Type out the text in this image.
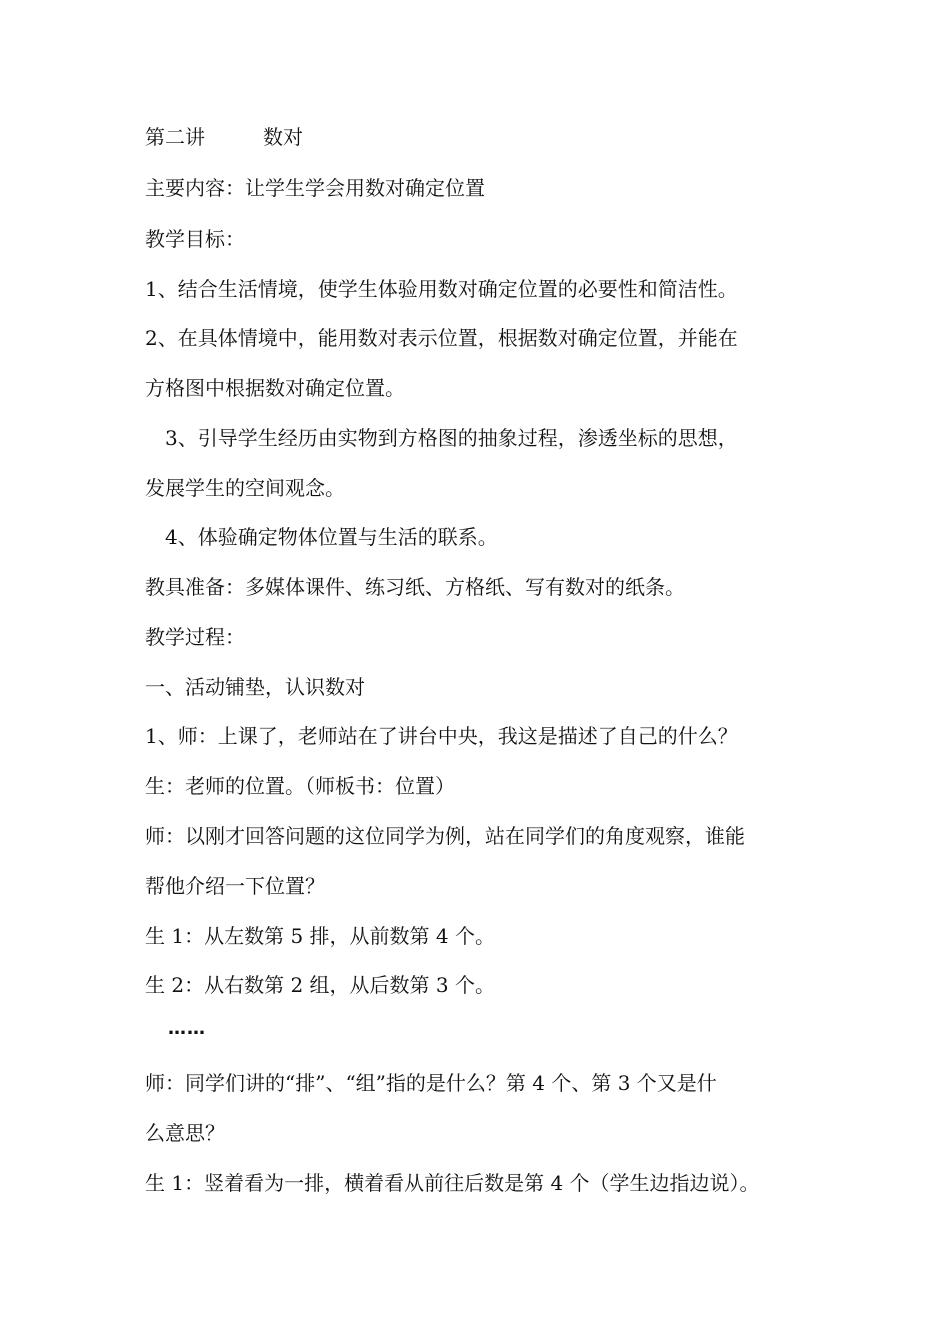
第二讲	数对
主要内容：让学生学会用数对确定位置
教学目标：
1、结合生活情境，使学生体验用数对确定位置的必要性和简洁性。
2、在具体情境中，能用数对表示位置，根据数对确定位置，并能在
方格图中根据数对确定位置。
3、引导学生经历由实物到方格图的抽象过程，渗透坐标的思想，
发展学生的空间观念。
4、体验确定物体位置与生活的联系。
教具准备：多媒体课件、练习纸、方格纸、写有数对的纸条。
教学过程：
一、活动铺垫，认识数对
1、师：上课了，老师站在了讲台中央，我这是描述了自己的什么？
生：老师的位置。（师板书：位置）
师：以刚才回答问题的这位同学为例，站在同学们的角度观察，谁能
帮他介绍一下位置？
生 1：从左数第 5 排，从前数第 4 个。
生 2：从右数第 2 组，从后数第 3 个。
……
师：同学们讲的“排”、“组”指的是什么？第 4 个、第 3 个又是什
么意思？
生 1：竖着看为一排，横着看从前往后数是第 4 个（学生边指边说）。
